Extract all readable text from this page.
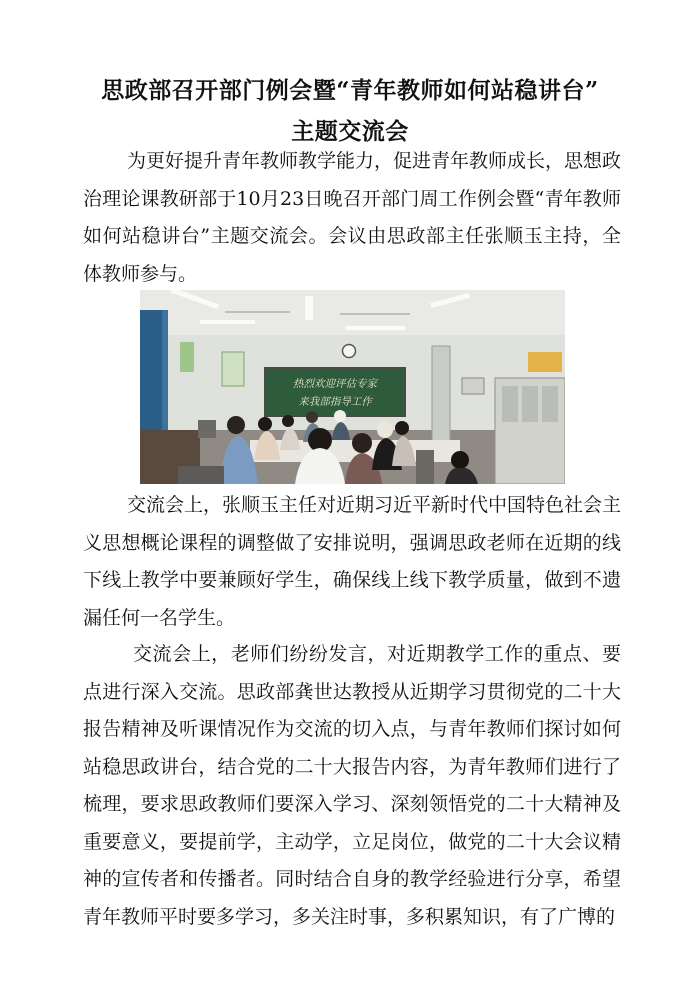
思政部召开部门例会暨“青年教师如何站稳讲台”
主题交流会

为更好提升青年教师教学能力，促进青年教师成长，思想政治理论课教研部于10月23日晚召开部门周工作例会暨“青年教师如何站稳讲台”主题交流会。会议由思政部主任张顺玉主持，全体教师参与。

热烈欢迎评估专家
来我部指导工作

交流会上，张顺玉主任对近期习近平新时代中国特色社会主义思想概论课程的调整做了安排说明，强调思政老师在近期的线下线上教学中要兼顾好学生，确保线上线下教学质量，做到不遗漏任何一名学生。

交流会上，老师们纷纷发言，对近期教学工作的重点、要点进行深入交流。思政部龚世达教授从近期学习贯彻党的二十大报告精神及听课情况作为交流的切入点，与青年教师们探讨如何站稳思政讲台，结合党的二十大报告内容，为青年教师们进行了梳理，要求思政教师们要深入学习、深刻领悟党的二十大精神及重要意义，要提前学，主动学，立足岗位，做党的二十大会议精神的宣传者和传播者。同时结合自身的教学经验进行分享，希望青年教师平时要多学习，多关注时事，多积累知识，有了广博的
